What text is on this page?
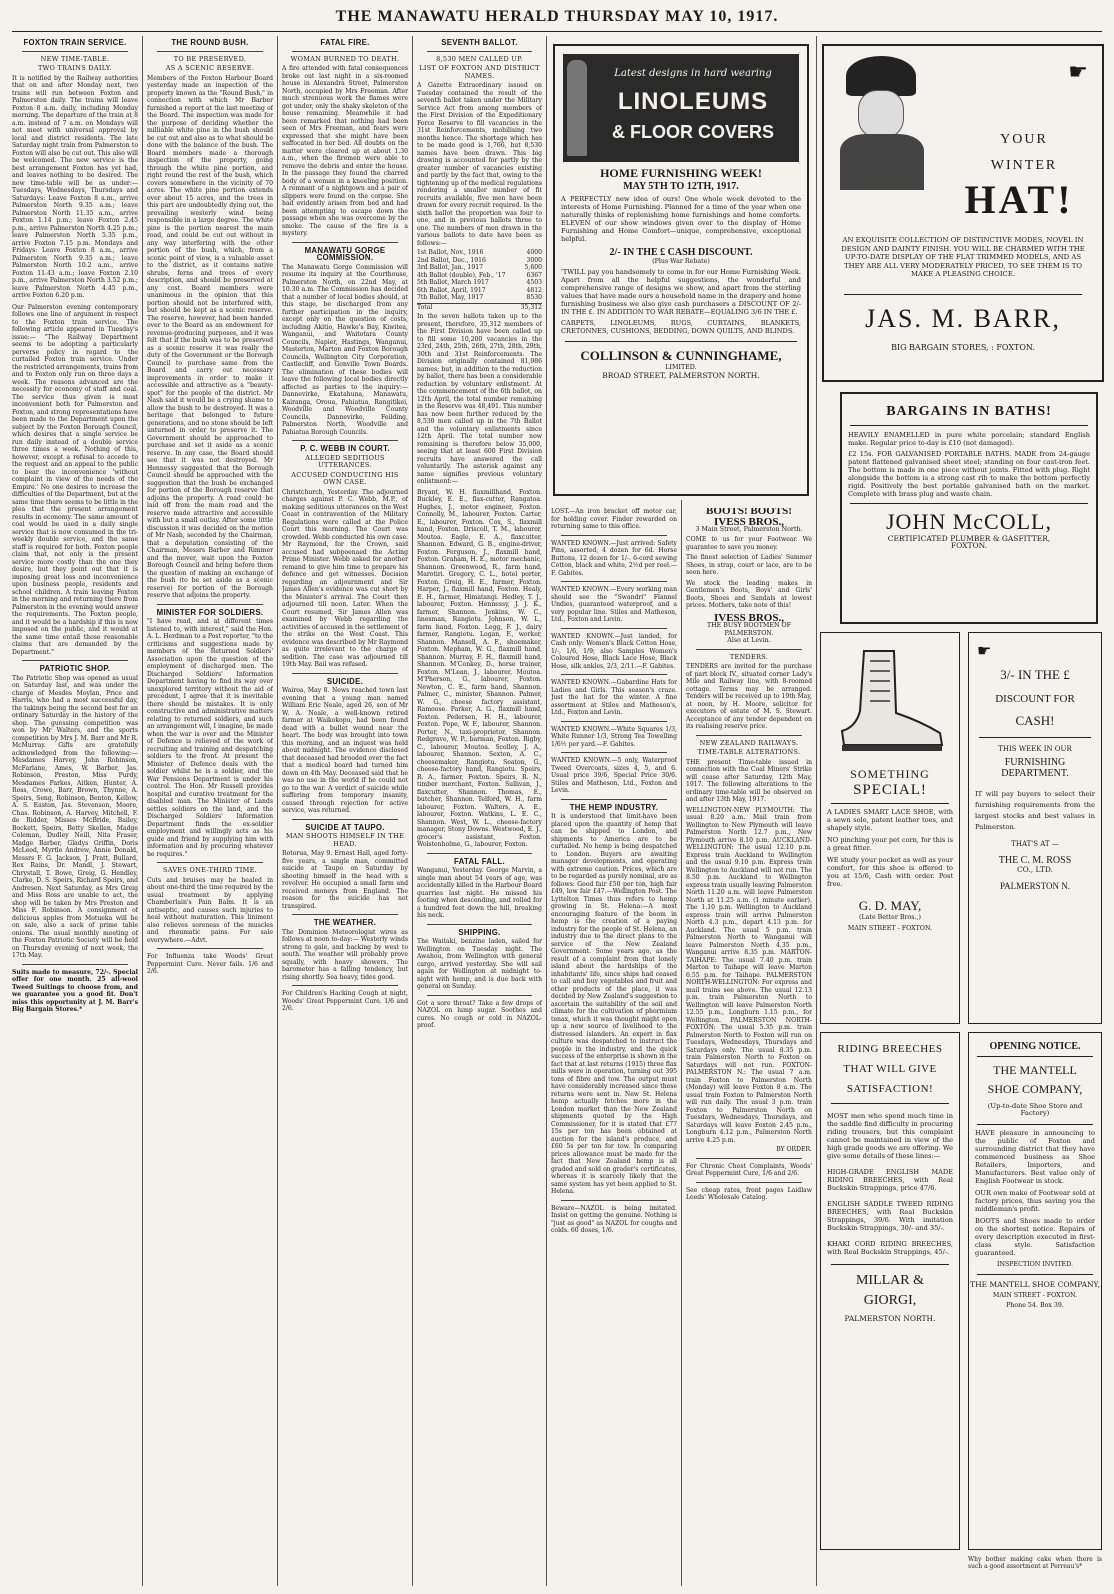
THE MANAWATU HERALD THURSDAY MAY 10, 1917.
FOXTON TRAIN SERVICE.
NEW TIME-TABLE.
TWO TRAINS DAILY.
It is notified by the Railway authorities that on and after Monday next, two trains will run between Foxton and Palmerston daily. The trains will leave Foxton 8 a.m. daily, including Monday morning. The departure of the train at 8 a.m. instead of 7 a.m. on Mondays will not meet with universal approval by local and district residents. The late Saturday night train from Palmerston to Foxton will also be cut out. This also will be welcomed. The new service is the best arrangement Foxton has yet had, and leaves nothing to be desired. The new time-table will be as under:— Tuesdays, Wednesdays, Thursdays and Saturdays: Leave Foxton 8 a.m., arrive Palmerston North 9.35 a.m.; leave Palmerston North 11.35 a.m., arrive Foxton 1.14 p.m.; leave Foxton 2.45 p.m., arrive Palmerston North 4.25 p.m.; leave Palmerston North 5.35 p.m., arrive Foxton 7.15 p.m. Mondays and Fridays: Leave Foxton 8 a.m., arrive Palmerston North 9.35 a.m.; leave Palmerston North 10.2 a.m., arrive Foxton 11.43 a.m.; leave Foxton 2.10 p.m., arrive Palmerston North 3.52 p.m.; leave Palmerston North 4.45 p.m., arrive Foxton 6.20 p.m.
Our Palmerston evening contemporary follows one line of argument in respect to the Foxton train service. The following article appeared in Tuesday's issue:— "The Railway Department seems to be adopting a particularly perverse policy in regard to the curtailed Foxton train service. Under the restricted arrangements, trains from and to Foxton only run on three days a week. The reasons advanced are the necessity for economy of staff and coal. The service thus given is most inconvenient both for Palmerston and Foxton, and strong representations have been made to the Department upon the subject by the Foxton Borough Council, which desires that a single service be run daily instead of a double service three times a week. Nothing of this, however, except a refusal to accede to the request and an appeal to the public to bear the inconvenience 'without complaint in view of the needs of the Empire.' No one desires to increase the difficulties of the Department, but at the same time there seems to be little in the plea that the present arrangement results in economy. The same amount of coal would be used in a daily single service that is now consumed in the tri-weekly double service, and the same staff is required for both. Foxton people claim that, not only is the present service more costly than the one they desire, but they point out that it is imposing great loss and inconvenience upon business people, residents and school children. A train leaving Foxton in the morning and returning there from Palmerston in the evening would answer the requirements. The Foxton people, and it would be a hardship if this is now imposed on the public, and it would at the same time entail those reasonable claims that are demanded by the Department."
PATRIOTIC SHOP.
The Patriotic Shop was opened as usual on Saturday last, and was under the charge of Mesdes Moylan, Price and Harris, who had a most successful day, the takings being the second best for an ordinary Saturday in the history of the shop. The guessing competition was won by Mr Walters, and the sports competition by Mrs J. M. Barr and Mr R. McMurray. Gifts are gratefully acknowledged from the following:—Mesdames Harvey, John Robinson, McFarlane, Ames, W. Barber, Jas. Robinson, Preston, Miss Purdy, Mesdames Parkes, Aitken, Hunter, A. Ross, Crowe, Barr, Brown, Thynne, A. Speirs, Seng, Robinson, Benton, Kellow, A. S. Easton, Jas. Stevenson, Moore, Chas. Robinson, A. Harvey, Mitchell, F. de Ridder, Misses McBride, Bailey, Bockett, Speirs, Betty Skellen, Madge Coleman, Dudley Neill, Nita Fraser, Madge Barber, Gladys Griffin, Doris McLeod, Myrtle Andrew, Annie Donald, Messrs F. G. Jackson, J. Pratt, Bullard, Rex Rains, Dr. Mandl, J. Stewart, Chrystall, T. Bowe, Greig, G. Hendley, Clarke, D. S. Speirs, Richard Speirs, and Andresen. Next Saturday, as Mrs Greig and Miss Ross are unable to act, the shop will be taken by Mrs Preston and Miss F. Robinson. A consignment of delicious apples from Motueka will be on sale, also a sack of prime table onions. The usual monthly meeting of the Foxton Patriotic Society will be held on Thursday evening of next week, the 17th May.
Suits made to measure, 72/-. Special offer for one month. 25 all-wool Tweed Suitings to choose from, and we guarantee you a good fit. Don't miss this opportunity at J. M. Barr's Big Bargain Stores.*
THE ROUND BUSH.
TO BE PRESERVED.
AS A SCENIC RESERVE.
Members of the Foxton Harbour Board yesterday made an inspection of the property known as the "Round Bush," in connection with which Mr Barber furnished a report at the last meeting of the Board. The inspection was made for the purpose of deciding whether the milliable white pine in the bush should be cut out and also as to what should be done with the balance of the bush. The Board members made a thorough inspection of the property, going through the white pine portion, and right round the rest of the bush, which covers somewhere in the vicinity of 70 acres. The white pine portion extends over about 15 acres, and the trees in this part are undoubtedly dying out, the prevailing westerly wind being responsible in a large degree. The white pine is the portion nearest the main road, and could be cut out without in any way interfering with the other portion of the bush, which, from a scenic point of view, is a valuable asset to the district, as it contains native shrubs, ferns and trees of every description, and should be preserved at any cost. Board members were unanimous in the opinion that this portion should not be interfered with, but should be kept as a scenic reserve. The reserve, however, had been handed over to the Board as an endowment for revenue-producing purposes, and it was felt that if the bush was to be preserved as a scenic reserve it was really the duty of the Government or the Borough Council to purchase same from the Board and carry out necessary improvements in order to make it accessible and attractive as a "beauty-spot" for the people of the district. Mr Nash said it would be a crying shame to allow the bush to be destroyed. It was a heritage that belonged to future generations, and no stone should be left unturned in order to preserve it. The Government should be approached to purchase and set it aside as a scenic reserve. In any case, the Board should see that it was not destroyed. Mr Hennessy suggested that the Borough Council should be approached with the suggestion that the bush be exchanged for portion of the Borough reserve that adjoins the property. A road could be laid off from the main road and the reserve made attractive and accessible with but a small outlay. After some little discussion it was decided on the motion of Mr Nash, seconded by the Chairman, that a deputation consisting of the Chairman, Messrs Barber and Rimmer and the mover, wait upon the Foxton Borough Council and bring before them the question of making an exchange of the bush (to be set aside as a scenic reserve) for portion of the Borough reserve that adjoins the property.
MINISTER FOR SOLDIERS.
"I have read, and at different times listened to, with interest," said the Hon. A. L. Herdman to a Post reporter, "to the criticisms and suggestions made by members of the Returned Soldiers' Association upon the question of the employment of discharged men. The Discharged Soldiers' Information Department having to find its way over unexplored territory without the aid of precedent, I agree that it is inevitable there should be mistakes. It is only constructive and administrative matters relating to returned soldiers, and such an arrangement will, I imagine, be made when the war is over and the Minister of Defence is relieved of the work of recruiting and training and despatching soldiers to the front. At present the Minister of Defence deals with the soldier whilst he is a soldier, and the War Pensions Department is under his control. The Hon. Mr Russell provides hospital and curative treatment for the disabled man. The Minister of Lands settles soldiers on the land, and the Discharged Soldiers' Information Department finds the ex-soldier employment and willingly acts as his guide and friend by supplying him with information and by procuring whatever he requires."
SAVES ONE-THIRD TIME.
Cuts and bruises may be healed in about one-third the time required by the usual treatment by applying Chamberlain's Pain Balm. It is an antiseptic, and causes such injuries to heal without maturation. This liniment also relieves soreness of the muscles and rheumatic pains. For sale everywhere.—Advt.
For Influenza take Woods' Great Peppermint Cure. Never fails. 1/6 and 2/6.
FATAL FIRE.
WOMAN BURNED TO DEATH.
A fire attended with fatal consequences broke out last night in a six-roomed house in Alexandra Street, Palmerston North, occupied by Mrs Freeman. After much strenuous work the flames were got under, only the shaky skeleton of the house remaining. Meanwhile it had been remarked that nothing had been seen of Mrs Freeman, and fears were expressed that she might have been suffocated in her bed. All doubts on the matter were cleared up at about 1.30 a.m., when the firemen were able to remove the debris and enter the house. In the passage they found the charred body of a woman in a kneeling position. A remnant of a nightgown and a pair of slippers were found on the corpse. She had evidently arisen from bed and had been attempting to escape down the passage when she was overcome by the smoke. The cause of the fire is a mystery.
MANAWATU GORGE COMMISSION.
The Manawatu Gorge Commission will resume its inquiry at the Courthouse, Palmerston North, on 22nd May, at 10.30 a.m. The Commission has decided that a number of local bodies should, at this stage, be discharged from any further participation in the inquiry, except only on the question of costs, including Akitio, Hawke's Bay, Kiwitea, Wanganui, and Waitotara County Councils, Napier, Hastings, Wanganui, Masterton, Marton and Foxton Borough Councils, Wellington City Corporation, Castlecliff, and Gonville Town Boards. The elimination of these bodies will leave the following local bodies directly affected as parties to the inquiry:—Dannevirke, Ekatahuna, Manawatu, Kairanga, Oroua, Pahiatua, Rangitikei, Woodville and Woodville County Councils, Dannevirke, Feilding, Palmerston North, Woodville and Pahiatua Borough Councils.
P. C. WEBB IN COURT.
ALLEGED SEDITIOUS UTTERANCES.
ACCUSED CONDUCTING HIS OWN CASE.
Christchurch, Yesterday. The adjourned charges against P. C. Webb, M.P., of making seditious utterances on the West Coast in contravention of the Military Regulations were called at the Police Court this morning. The Court was crowded. Webb conducted his own case. Mr Raymond, for the Crown, said accused had subpoenaed the Acting Prime Minister. Webb asked for another remand to give him time to prepare his defence and get witnesses. Decision regarding an adjournment and Sir James Allen's evidence was cut short by the Minister's arrival. The Court then adjourned till noon. Later. When the Court resumed, Sir James Allen was examined by Webb regarding the activities of accused in the settlement of the strike on the West Coast. This evidence was described by Mr Raymond as quite irrelevant to the charge of sedition. The case was adjourned till 19th May. Bail was refused.
SUICIDE.
Wairoa, May 8. News reached town last evening that a young man named William Eric Neale, aged 26, son of Mr W. A. Neale, a well-known retired farmer at Waikokopu, had been found dead with a bullet wound near the heart. The body was brought into town this morning, and an inquest was held about midnight. The evidence disclosed that deceased had brooded over the fact that a medical board had turned him down on 4th May. Deceased said that he was no use in the world if he could not go to the war. A verdict of suicide while suffering from temporary insanity, caused through rejection for active service, was returned.
SUICIDE AT TAUPO.
MAN SHOOTS HIMSELF IN THE HEAD.
Rotorua, May 9. Ernest Hall, aged forty-five years, a single man, committed suicide at Taupo on Saturday by shooting himself in the head with a revolver. He occupied a small farm and received moneys from England. The reason for the suicide has not transpired.
THE WEATHER.
The Dominion Meteorologist wires as follows at noon to-day:— Westerly winds strong to gale, and backing by west to south. The weather will probably prove squally, with heavy showers. The barometer has a falling tendency, but rising shortly. Sea heavy, tides good.
For Children's Hacking Cough at night, Woods' Great Peppermint Cure. 1/6 and 2/6.
SEVENTH BALLOT.
8,530 MEN CALLED UP.
LIST OF FOXTON AND DISTRICT NAMES.
A Gazette Extraordinary issued on Tuesday contained the result of the seventh ballot taken under the Military Service Act from among members of the First Division of the Expeditionary Force Reserve to fill vacancies in the 31st Reinforcements, mobilising two months hence. The shortage which has to be made good is 1,766, but 8,530 names have been drawn. This big drawing is accounted for partly by the greater number of vacancies existing and partly by the fact that, owing to the tightening up of the medical regulations rendering a smaller number of fit recruits available, five men have been drawn for every recruit required. In the sixth ballot the proportion was four to one, and in previous ballots three to one. The numbers of men drawn in the various ballots to date have been as follows:—
1st Ballot, Nov., 1916	4000
2nd Ballot, Dec., 1916	3000
3rd Ballot, Jan., 1917	5,600
4th Ballot (double), Feb., '17	6367
5th Ballot, March 1917	4503
6th Ballot, April, 1917	4812
7th Ballot, May, 1917	8530
Total	35,312
In the seven ballots taken up to the present, therefore, 35,312 members of the First Division have been called up to fill some 10,200 vacancies in the 23rd, 24th, 25th, 26th, 27th, 28th, 29th, 30th and 31st Reinforcements. The Division originally contained 81,986 names; but, in addition to the reduction by ballot, there has been a considerable reduction by voluntary enlistment. At the commencement of the 6th ballot, on 12th April, the total number remaining in the Reserve was 48,491. This number has now been further reduced by the 8,530 men called up in the 7th Ballot and the voluntary enlistments since 12th April. The total number now remaining is therefore below 35,000, seeing that at least 600 First Division recruits have answered the call voluntarily. The asterisk against any name signifies previous voluntary enlistment:—
Bryant, W. H. flaxmillhand, Foxton. Buckley, E. E., flax-cutter, Rangatoa. Hughes, J., motor engineer, Foxton. Connolly, M., labourer, Foxton. Carter, E., labourer, Foxton. Cox, S., flaxmill hand, Foxton. Driscoll, T. M., labourer, Moutoa. Eagle, E. A., flaxcutter, Shannon. Edward, G. B., engine-driver, Foxton. Ferguson, J., flaxmill hand, Foxton. Graham, H. E., motor mechanic, Shannon. Greenwood, R., farm hand, Marotiri. Gregory, C. L., hotel porter, Foxton. Greig, H. E., farmer, Foxton. Harper, J., flaxmill hand, Foxton. Healy, E. H., farmer, Himatangi. Hedley, T. J., labourer, Foxton. Hennessy, J. J. K., farmer, Shannon. Jenkins, W. C., linesman, Rangiotu. Johnson, W. L., farm hand, Foxton. Legg, F. J., dairy farmer, Rangiotu. Logan, F., worker, Shannon. Mansell, A. F., shoemaker, Foxton. Mepham, W. G., flaxmill hand, Shannon. Murray, F. H., flaxmill hand, Shannon. M'Conkey, D., horse trainer, Foxton. M'Lean, J., labourer, Moutoa. M'Pherson, G., labourer, Foxton. Newton, C. E., farm hand, Shannon. Palmer, C., minister, Shannon. Palmer, W. G., cheese factory assistant, Ramoose. Parker, A. G., flaxmill hand, Foxton. Pedersen, H. H., labourer, Foxton. Pope, W. F., labourer, Shannon. Porter, N., taxi-proprietor, Shannon. Redgrave, W. P., barman, Foxton. Rigby, C., labourer, Moutoa. Scolley, J. A., labourer, Shannon. Sexton, A. C., cheesemaker, Rangiotu. Seaton, G., cheese-factory hand, Rangiotu. Speirs, R. A., farmer, Foxton. Speirs, R. N., timber merchant, Foxton. Sullivan, J., flaxcutter, Shannon. Thomas, E., butcher, Shannon. Telford, W. H., farm labourer, Foxton. Walters, A. E., labourer, Foxton. Watkins, L. E. C., Shannon. West, W. L., cheese-factory manager, Stony Downs. Westwood, E. J., grocer's assistant, Foxton. Wolstenholme, G., labourer, Foxton.
FATAL FALL.
Wanganui, Yesterday. George Marvin, a single man about 54 years of age, was accidentally killed in the Harbour Board quarries last night. He missed his footing when descending, and rolled for a hundred feet down the hill, breaking his neck.
SHIPPING.
The Waitaki, benzine laden, sailed for Wellington on Tuesday night. The Awahou, from Wellington with general cargo, arrived yesterday. She will sail again for Wellington at midnight to-night with hemp, and is due back with general on Sunday.
Got a sore throat? Take a few drops of NAZOL on lump sugar. Soothes and cures. No cough or cold in NAZOL-proof.
Latest designs in hard wearing
LINOLEUMS
& FLOOR COVERS
HOME FURNISHING WEEK!
MAY 5TH TO 12TH, 1917.
A PERFECTLY new idea of ours! One whole week devoted to the interests of Home Furnishing. Planned for a time of the year when one naturally thinks of replenishing home furnishings and home comforts. ELEVEN of our show windows given over to the display of Home Furnishing and Home Comfort—unique, comprehensive, exceptional helpful.
2/- IN THE £ CASH DISCOUNT.
(Plus War Rebate)
'TWILL pay you handsomely to come in for our Home Furnishing Week. Apart from all the helpful suggestions, the wonderful and comprehensive range of designs we show, and apart from the sterling values that have made ours a household name in the drapery and home furnishing business we also give cash purchasers a DISCOUNT OF 2/- IN THE £. IN ADDITION TO WAR REBATE—EQUALING 3/6 IN THE £.
CARPETS, LINOLEUMS, RUGS, CURTAINS, BLANKETS, CRETONNES, CUSHIONS, BEDDING, DOWN QUILTS, AND BLINDS.
COLLINSON & CUNNINGHAME,
LIMITED.
BROAD STREET, PALMERSTON NORTH.
☛
YOUR
WINTER
HAT!
AN EXQUISITE COLLECTION OF DISTINCTIVE MODES, NOVEL IN DESIGN AND DAINTY FINISH. YOU WILL BE CHARMED WITH THE UP-TO-DATE DISPLAY OF THE FLAT TRIMMED MODELS, AND AS THEY ARE ALL VERY MODERATELY PRICED, TO SEE THEM IS TO MAKE A PLEASING CHOICE.
JAS. M. BARR,
BIG BARGAIN STORES, : FOXTON.
BARGAINS IN BATHS!
HEAVILY ENAMELLED in pure white porcelain; standard English make. Regular price to-day is £10 (not damaged).
£2 15s. FOR GALVANISED PORTABLE BATHS. MADE from 24-gauge patent flattened galvanised sheet steel; standing on four cast-iron feet. The bottom is made in one piece without joints. Fitted with plug. Right alongside the bottom is a strong cast rib to make the bottom perfectly rigid. Positively the best portable galvanised bath on the market. Complete with brass plug and waste chain.
JOHN McCOLL,
CERTIFICATED PLUMBER & GASFITTER,
FOXTON.
LOST.—An iron bracket off motor car, for holding cover. Finder rewarded on returning same to this office.
WANTED KNOWN.—Just arrived: Safety Pins, assorted, 4 dozen for 6d. Horse Buttons, 12 dozen for 1/-. 6-cord sewing Cotton, black and white, 2½d per reel.—F. Gabites.
WANTED KNOWN.—Every working man should see the "Swandri" Flannel Undies, guaranteed waterproof, and a very popular line. Stiles and Matheson, Ltd., Foxton and Levin.
WANTED KNOWN.—Just landed, for Cash only: Women's Black Cotton Hose, 1/-, 1/6, 1/9; also Samples Women's Coloured Hose, Black Lace Hose, Black Hose, silk ankles, 2/3, 2/11.—F. Gabites.
WANTED KNOWN.—Gabardine Hats for Ladies and Girls. This season's craze. Just the hat for the winter. A fine assortment at Stiles and Matheson's, Ltd., Foxton and Levin.
WANTED KNOWN.—White Squares 1/3, White Runner 1/3, Strong Tea Towelling 1/6½ per yard.—F. Gabites.
WANTED KNOWN.—5 only, Waterproof Tweed Overcoats, sizes 4, 5, and 6. Usual price 39/6, Special Price 30/6. Stiles and Matheson, Ltd., Foxton and Levin.
THE HEMP INDUSTRY.
It is understood that limit-have been placed upon the quantity of hemp that can be shipped to London, and shipments to America are to be curtailed. No hemp is being despatched to London. Buyers are awaiting manager developments, and operating with extreme caution. Prices, which are to be regarded as purely nominal, are as follows: Good fair £50 per ton, high fair £49, low fair £47.—Wellington Post. The Lyttelton Times thus refers to hemp growing in St. Helena:—A most encouraging feature of the boom in hemp is the creation of a paying industry for the people of St. Helena, an industry due to the direct plans to the service of the New Zealand Government. Some years ago, as the result of a complaint from that lonely island about the hardships of the inhabitants' life, since ships had ceased to call and buy vegetables and fruit and other products of the place, it was decided by New Zealand's suggestion to ascertain the suitability of the soil and climate for the cultivation of phormium tenax, which it was thought might open up a new source of livelihood to the distressed islanders. An expert in flax culture was despatched to instruct the people in the industry, and the quick success of the enterprise is shown in the fact that at last returns (1915) three flax mills were in operation, turning out 395 tons of fibre and tow. The output must have considerably increased since these returns were sent in. New St. Helena hemp actually fetches more in the London market than the New Zealand shipments quoted by the High Commissioner, for it is stated that £77 15s per ton has been obtained at auction for the island's produce, and £60 5s per ton for tow. In comparing prices allowance must be made for the fact that New Zealand hemp is all graded and sold on grader's certificates, whereas it is scarcely likely that the same system has yet been applied to St. Helena.
Beware—NAZOL is being imitated. Insist on getting the genuine. Nothing is "just as good" as NAZOL for coughs and colds. 60 doses, 1/6.
BOOTS! BOOTS!
IVESS BROS.,
3 Main Street, Palmerston North.
COME to us for your Footwear. We guarantee to save you money.
The finest selection of Ladies' Summer Shoes, in strap, court or lace, are to be seen here.
We stock the leading makes in Gentlemen's Boots, Boys' and Girls' Boots, Shoes and Sandals at lowest prices. Mothers, take note of this!
IVESS BROS.,
THE BUSY BOOTMEN OF PALMERSTON.
Also at Levin.
TENDERS.
TENDERS are invited for the purchase of part block IV., situated corner Lady's Mile and Railway line, with 8-roomed cottage. Terms may be arranged. Tenders will be received up to 19th May, at noon, by H. Moore, solicitor for executors of estate of M. S. Stewart. Acceptance of any tender dependent on its realising reserve price.
NEW ZEALAND RAILWAYS.
TIME-TABLE ALTERATIONS.
THE present Time-table issued in connection with the Coal Miners' Strike will cease after Saturday, 12th May, 1917. The following alterations to the ordinary time-table will be observed on and after 13th May, 1917.
WELLINGTON-NEW PLYMOUTH: The usual 8.20 a.m. Mail train from Wellington to New Plymouth will leave Palmerston North 12.7 p.m., New Plymouth arrive 8.10 p.m. AUCKLAND-WELLINGTON: The usual 12.10 p.m. Express train Auckland to Wellington and the usual 9.10 p.m. Express train Wellington to Auckland will not run. The 8.50 p.m. Auckland to Wellington express train usually leaving Palmerston North 11.20 a.m. will leave Palmerston North at 11.25 a.m. (1 minute earlier). The 1.10 p.m. Wellington to Auckland express train will arrive Palmerston North 4.3 p.m., depart 4.13 p.m. for Auckland. The usual 5 p.m. train Palmerston North to Wanganui will leave Palmerston North 4.35 p.m., Wanganui arrive 8.35 p.m. MARTON-TAIHAPE: The usual 7.40 p.m. train Marton to Taihape will leave Marton 6.55 p.m. for Taihape. PALMERSTON NORTH-WELLINGTON: For express and mail trains see above. The usual 12.13 p.m. train Palmerston North to Wellington will leave Palmerston North 12.55 p.m., Longburn 1.15 p.m., for Wellington. PALMERSTON NORTH-FOXTON: The usual 5.35 p.m. train Palmerston North to Foxton will run on Tuesdays, Wednesdays, Thursdays and Saturdays only. The usual 8.35 p.m. train Palmerston North to Foxton on Saturdays will not run. FOXTON-PALMERSTON N.: The usual 7 a.m. train Foxton to Palmerston North (Monday) will leave Foxton 8 a.m. The usual train Foxton to Palmerston North will run daily. The usual 3 p.m. train Foxton to Palmerston North on Tuesdays, Wednesdays, Thursdays, and Saturdays will leave Foxton 2.45 p.m., Longburn 4.12 p.m., Palmerston North arrive 4.25 p.m.
BY ORDER.
For Chronic Chest Complaints, Woods' Great Peppermint Cure, 1/6 and 2/6.
See cheap rates, front pages Laidlaw Leeds' Wholesale Catalog.
SOMETHING
SPECIAL!
A LADIES SMART LACE SHOE, with a sewn sole, patent leather toes, and shapely style.
NO pinching your pet corn, for this is a great fitter.
WE study your pocket as well as your comfort, for this shoe is offered to you at 15/6, Cash with order. Post free.
G. D. MAY,
(Late Better Bros.,)
MAIN STREET - FOXTON.
☛
3/- IN THE £
DISCOUNT FOR
CASH!
THIS WEEK IN OUR
FURNISHING
DEPARTMENT.
IT will pay buyers to select their furnishing requirements from the largest stocks and best values in Palmerston.
THAT'S AT —
THE C. M. ROSS
CO., LTD.
PALMERSTON N.
RIDING BREECHES
THAT WILL GIVE
SATISFACTION!
MOST men who spend much time in the saddle find difficulty in procuring riding trousers, but this complaint cannot be maintained in view of the high grade goods we are offering. We give some details of these lines:—
HIGH-GRADE ENGLISH MADE RIDING BREECHES, with Real Buckskin Strappings, price 47/6.
ENGLISH SADDLE TWEED RIDING BREECHES, with Real Buckskin Strappings, 39/6. With imitation Buckskin Strappings, 30/- and 35/-.
KHAKI CORD RIDING BREECHES, with Real Buckskin Strappings, 45/-.
MILLAR &
GIORGI,
PALMERSTON NORTH.
OPENING NOTICE.
THE MANTELL
SHOE COMPANY,
(Up-to-date Shoe Store and Factory)
HAVE pleasure in announcing to the public of Foxton and surrounding district that they have commenced business as Shoe Retailers, Importers, and Manufacturers. Best value only of English Footwear in stock.
OUR own make of Footwear sold at factory prices, thus saving you the middleman's profit.
BOOTS and Shoes made to order on the shortest notice. Repairs of every description executed in first-class style. Satisfaction guaranteed.
INSPECTION INVITED.
THE MANTELL SHOE COMPANY,
MAIN STREET - FOXTON.
Phone 54. Box 39.
Why bother making cake when there is such a good assortment at Perreau's*
